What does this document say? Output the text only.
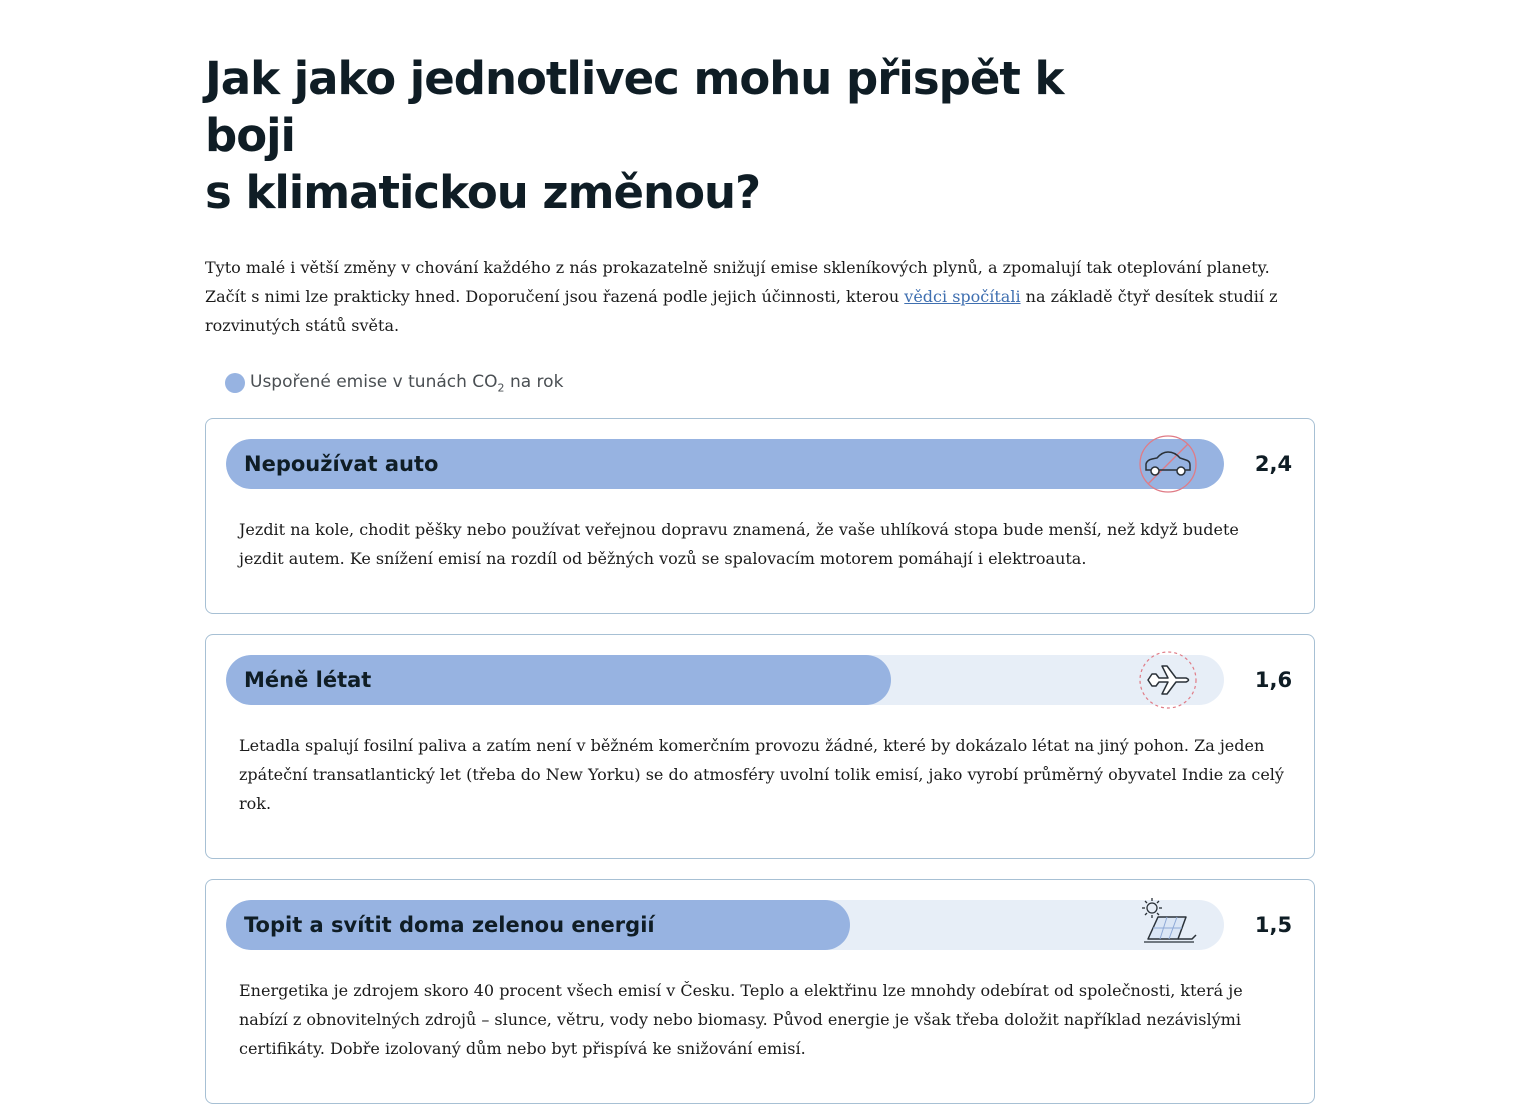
Jak jako jednotlivec mohu přispět k boji
s klimatickou změnou?

Tyto malé i větší změny v chování každého z nás prokazatelně snižují emise skleníkových plynů, a zpomalují tak oteplování planety. Začít s nimi lze prakticky hned. Doporučení jsou řazená podle jejich účinnosti, kterou vědci spočítali na základě čtyř desítek studií z rozvinutých států světa.

Uspořené emise v tunách $CO_2$ na rok
Nepoužívat auto	2,4

Jezdit na kole, chodit pěšky nebo používat veřejnou dopravu znamená, že vaše uhlíková stopa bude menší, než když budete jezdit autem. Ke snížení emisí na rozdíl od běžných vozů se spalovacím motorem pomáhají i elektroauta.

Méně létat	1,6

Letadla spalují fosilní paliva a zatím není v běžném komerčním provozu žádné, které by dokázalo létat na jiný pohon. Za jeden zpáteční transatlantický let (třeba do New Yorku) se do atmosféry uvolní tolik emisí, jako vyrobí průměrný obyvatel Indie za celý rok.

Topit a svítit doma zelenou energií	1,5

Energetika je zdrojem skoro 40 procent všech emisí v Česku. Teplo a elektřinu lze mnohdy odebírat od společnosti, která je nabízí z obnovitelných zdrojů – slunce, větru, vody nebo biomasy. Původ energie je však třeba doložit například nezávislými certifikáty. Dobře izolovaný dům nebo byt přispívá ke snižování emisí.
